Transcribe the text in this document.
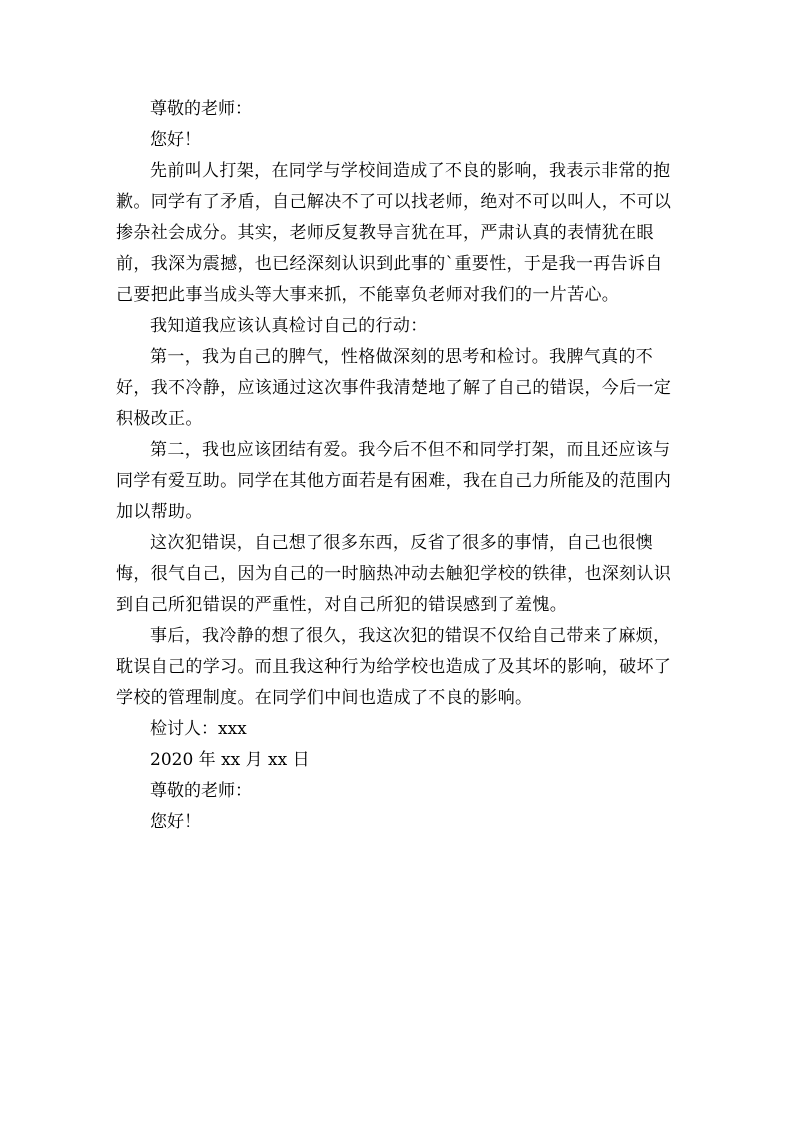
尊敬的老师：

您好！

先前叫人打架，在同学与学校间造成了不良的影响，我表示非常的抱歉。同学有了矛盾，自己解决不了可以找老师，绝对不可以叫人，不可以掺杂社会成分。其实，老师反复教导言犹在耳，严肃认真的表情犹在眼前，我深为震撼，也已经深刻认识到此事的`重要性，于是我一再告诉自己要把此事当成头等大事来抓，不能辜负老师对我们的一片苦心。

我知道我应该认真检讨自己的行动：

第一，我为自己的脾气，性格做深刻的思考和检讨。我脾气真的不好，我不冷静，应该通过这次事件我清楚地了解了自己的错误，今后一定积极改正。

第二，我也应该团结有爱。我今后不但不和同学打架，而且还应该与同学有爱互助。同学在其他方面若是有困难，我在自己力所能及的范围内加以帮助。

这次犯错误，自己想了很多东西，反省了很多的事情，自己也很懊悔，很气自己，因为自己的一时脑热冲动去触犯学校的铁律，也深刻认识到自己所犯错误的严重性，对自己所犯的错误感到了羞愧。

事后，我冷静的想了很久，我这次犯的错误不仅给自己带来了麻烦，耽误自己的学习。而且我这种行为给学校也造成了及其坏的影响，破坏了学校的管理制度。在同学们中间也造成了不良的影响。

检讨人：xxx

2020 年 xx 月 xx 日

尊敬的老师：

您好！
